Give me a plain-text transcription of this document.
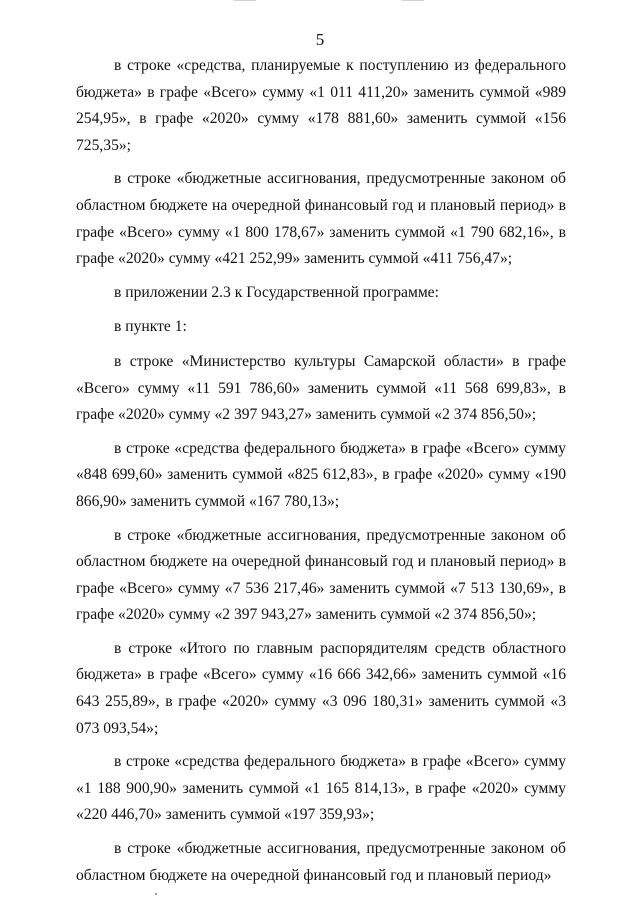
5

в строке «средства, планируемые к поступлению из федерального бюджета» в графе «Всего» сумму «1 011 411,20» заменить суммой «989 254,95», в графе «2020» сумму «178 881,60» заменить суммой «156 725,35»;

в строке «бюджетные ассигнования, предусмотренные законом об областном бюджете на очередной финансовый год и плановый период» в графе «Всего» сумму «1 800 178,67» заменить суммой «1 790 682,16», в графе «2020» сумму «421 252,99» заменить суммой «411 756,47»;

в приложении 2.3 к Государственной программе:

в пункте 1:

в строке «Министерство культуры Самарской области» в графе «Всего» сумму «11 591 786,60» заменить суммой «11 568 699,83», в графе «2020» сумму «2 397 943,27» заменить суммой «2 374 856,50»;

в строке «средства федерального бюджета» в графе «Всего» сумму «848 699,60» заменить суммой «825 612,83», в графе «2020» сумму «190 866,90» заменить суммой «167 780,13»;

в строке «бюджетные ассигнования, предусмотренные законом об областном бюджете на очередной финансовый год и плановый период» в графе «Всего» сумму «7 536 217,46» заменить суммой «7 513 130,69», в графе «2020» сумму «2 397 943,27» заменить суммой «2 374 856,50»;

в строке «Итого по главным распорядителям средств областного бюджета» в графе «Всего» сумму «16 666 342,66» заменить суммой «16 643 255,89», в графе «2020» сумму «3 096 180,31» заменить суммой «3 073 093,54»;

в строке «средства федерального бюджета» в графе «Всего» сумму «1 188 900,90» заменить суммой «1 165 814,13», в графе «2020» сумму «220 446,70» заменить суммой «197 359,93»;

в строке «бюджетные ассигнования, предусмотренные законом об областном бюджете на очередной финансовый год и плановый период»
